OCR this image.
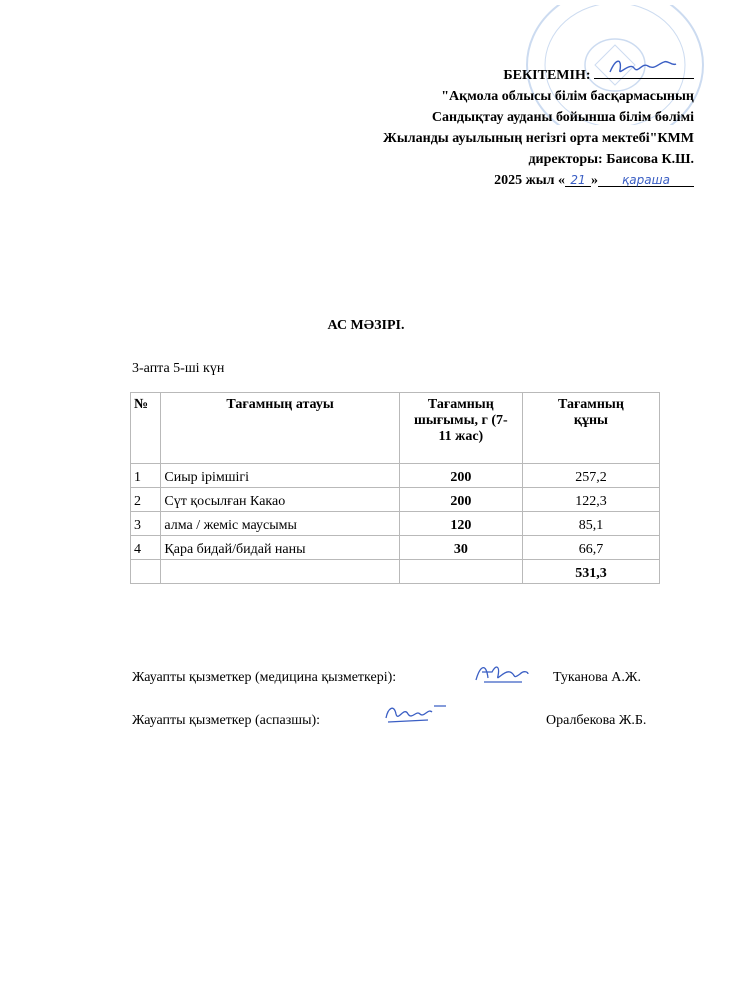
БЕКІТЕМІН:
"Ақмола облысы білім басқармасының
Сандықтау ауданы бойынша білім бөлімі
Жыланды ауылының негізгі орта мектебі"КММ
директоры: Баисова К.Ш.
2025 жыл « 21 » қараша
АС МӘЗІРІ.
3-апта 5-ші күн
№	Тағамның атауы	Тағамның шығымы, г (7-11 жас)	Тағамның құны
1	Сиыр ірімшігі	200	257,2
2	Сүт қосылған Какао	200	122,3
3	алма / жеміс маусымы	120	85,1
4	Қара бидай/бидай наны	30	66,7
			531,3
Жауапты қызметкер (медицина қызметкері):	Туканова А.Ж.
Жауапты қызметкер (аспазшы):	Оралбекова Ж.Б.
